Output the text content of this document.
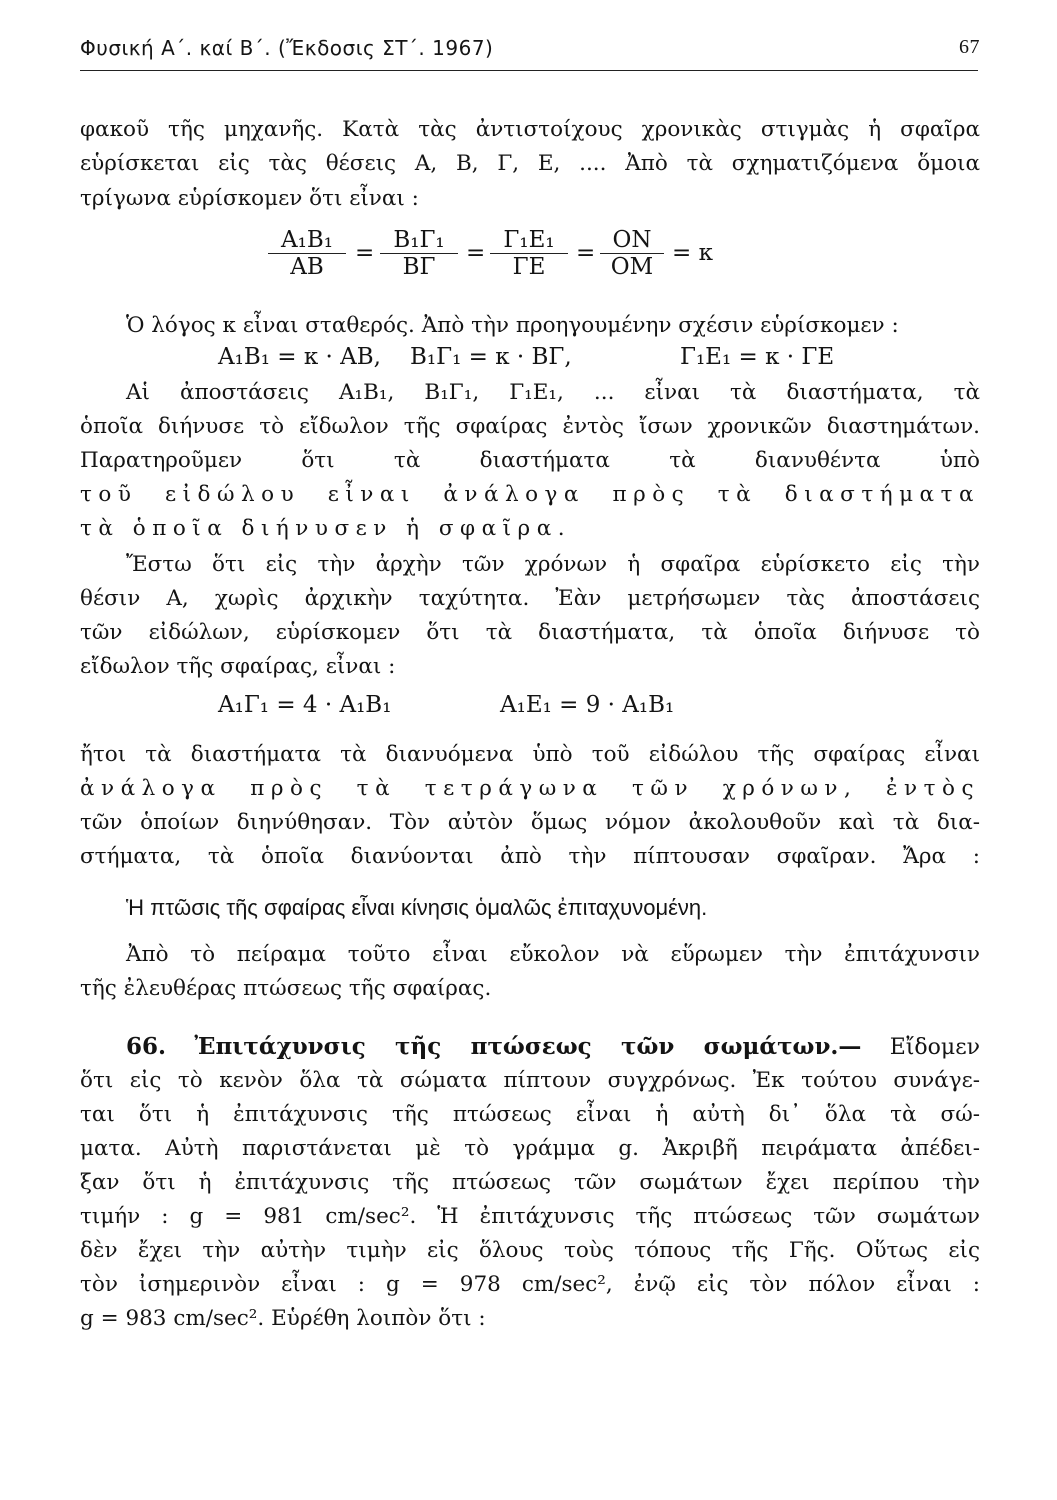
Φυσική Α΄. καί Β΄. (Ἔκδοσις ΣΤ΄. 1967)	67
φακοῦ τῆς μηχανῆς. Κατὰ τὰς ἀντιστοίχους χρονικὰς στιγμὰς ἡ σφαῖρα
εὑρίσκεται εἰς τὰς θέσεις Α, Β, Γ, Ε, .... Ἀπὸ τὰ σχηματιζόμενα ὅμοια
τρίγωνα εὑρίσκομεν ὅτι εἶναι :
$\frac{\text{Α₁Β₁}}{AB} = \frac{\text{Β₁Γ₁}}{B\Gamma} = \frac{\text{Γ₁Ε₁}}{\Gamma E} = \frac{ON}{OM} = \kappa$
Ὁ λόγος κ εἶναι σταθερός. Ἀπὸ τὴν προηγουμένην σχέσιν εὑρίσκομεν :
Α₁Β₁ = κ · ΑΒ, Β₁Γ₁ = κ · ΒΓ,	Γ₁Ε₁ = κ · ΓΕ
Αἱ ἀποστάσεις Α₁Β₁, Β₁Γ₁, Γ₁Ε₁, ... εἶναι τὰ διαστήματα, τὰ
ὁποῖα διήνυσε τὸ εἴδωλον τῆς σφαίρας ἐντὸς ἴσων χρονικῶν διαστημάτων.
Παρατηροῦμεν ὅτι τὰ διαστήματα τὰ διανυθέντα ὑπὸ
τοῦ εἰδώλου εἶναι ἀνάλογα πρὸς τὰ διαστήματα
τὰ ὁποῖα διήνυσεν ἡ σφαῖρα.
Ἔστω ὅτι εἰς τὴν ἀρχὴν τῶν χρόνων ἡ σφαῖρα εὑρίσκετο εἰς τὴν
θέσιν Α, χωρὶς ἀρχικὴν ταχύτητα. Ἐὰν μετρήσωμεν τὰς ἀποστάσεις
τῶν εἰδώλων, εὑρίσκομεν ὅτι τὰ διαστήματα, τὰ ὁποῖα διήνυσε τὸ
εἴδωλον τῆς σφαίρας, εἶναι :
Α₁Γ₁ = 4 · Α₁Β₁	Α₁Ε₁ = 9 · Α₁Β₁
ἤτοι τὰ διαστήματα τὰ διανυόμενα ὑπὸ τοῦ εἰδώλου τῆς σφαίρας εἶναι
ἀνάλογα πρὸς τὰ τετράγωνα τῶν χρόνων, ἐντὸς
τῶν ὁποίων διηνύθησαν. Τὸν αὐτὸν ὅμως νόμον ἀκολουθοῦν καὶ τὰ δια-
στήματα, τὰ ὁποῖα διανύονται ἀπὸ τὴν πίπτουσαν σφαῖραν. Ἄρα :
Ἡ πτῶσις τῆς σφαίρας εἶναι κίνησις ὁμαλῶς ἐπιταχυνομένη.
Ἀπὸ τὸ πείραμα τοῦτο εἶναι εὔκολον νὰ εὕρωμεν τὴν ἐπιτάχυνσιν
τῆς ἐλευθέρας πτώσεως τῆς σφαίρας.
66. Ἐπιτάχυνσις τῆς πτώσεως τῶν σωμάτων.— Εἴδομεν
ὅτι εἰς τὸ κενὸν ὅλα τὰ σώματα πίπτουν συγχρόνως. Ἐκ τούτου συνάγε-
ται ὅτι ἡ ἐπιτάχυνσις τῆς πτώσεως εἶναι ἡ αὐτὴ δι᾽ ὅλα τὰ σώ-
ματα. Αὐτὴ παριστάνεται μὲ τὸ γράμμα g. Ἀκριβῆ πειράματα ἀπέδει-
ξαν ὅτι ἡ ἐπιτάχυνσις τῆς πτώσεως τῶν σωμάτων ἔχει περίπου τὴν
τιμήν : g = 981 cm/sec². Ἡ ἐπιτάχυνσις τῆς πτώσεως τῶν σωμάτων
δὲν ἔχει τὴν αὐτὴν τιμὴν εἰς ὅλους τοὺς τόπους τῆς Γῆς. Οὕτως εἰς
τὸν ἰσημερινὸν εἶναι : g = 978 cm/sec², ἐνῷ εἰς τὸν πόλον εἶναι :
g = 983 cm/sec². Εὑρέθη λοιπὸν ὅτι :
